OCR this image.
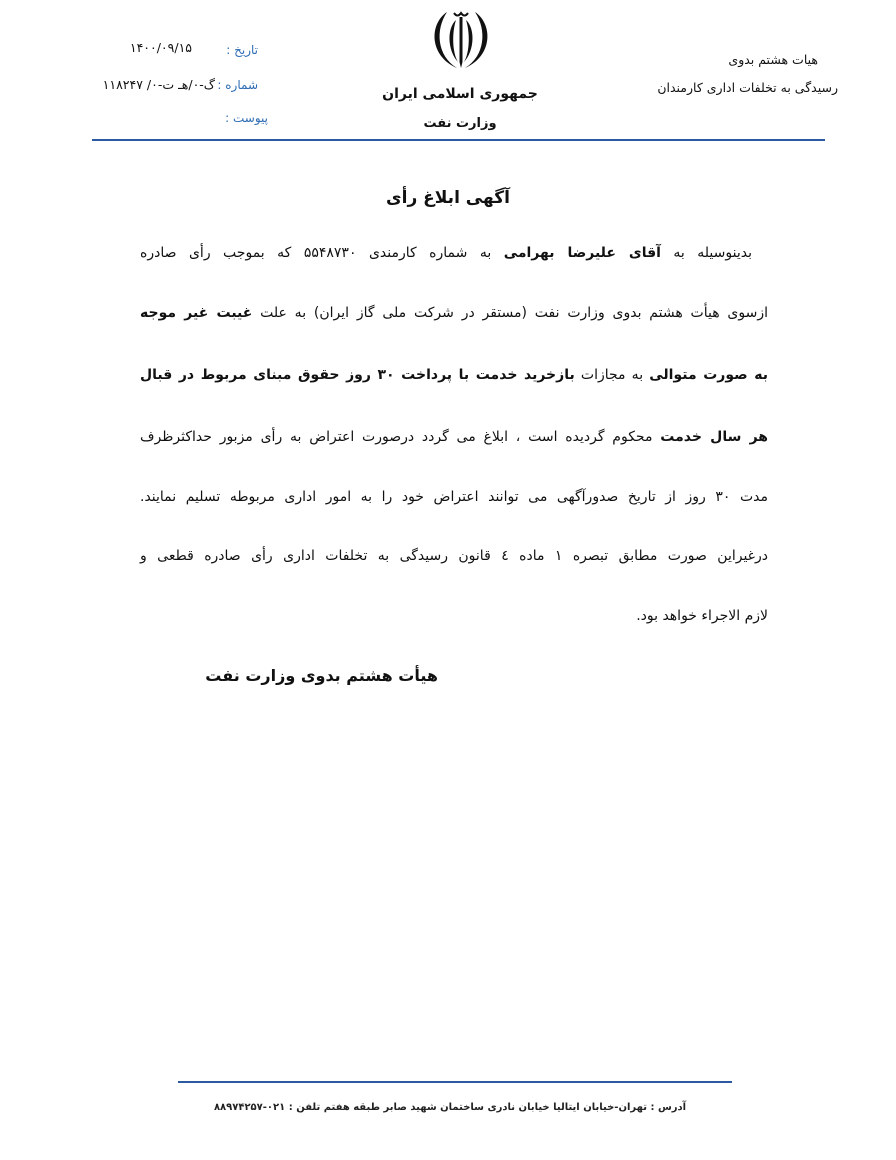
هیات هشتم بدوی
رسیدگی به تخلفات اداری کارمندان
جمهوری اسلامی ایران
وزارت نفت
تاریخ :
۱۴۰۰/۰۹/۱۵
شماره :
گ-۰/هـ ت-۰/ ۱۱۸۲۴۷
پیوست :
آگهی ابلاغ رأی
بدینوسیله به آقای علیرضا بهرامی به شماره کارمندی ۵۵۴۸۷۳۰ که بموجب رأی صادره
ازسوی هیأت هشتم بدوی وزارت نفت (مستقر در شرکت ملی گاز ایران) به علت غیبت غیر موجه
به صورت متوالی به مجازات بازخرید خدمت با پرداخت ۳۰ روز حقوق مبنای مربوط در قبال
هر سال خدمت محکوم گردیده است ، ابلاغ می گردد درصورت اعتراض به رأی مزبور حداکثرظرف
مدت ۳۰ روز از تاریخ صدورآگهی می توانند اعتراض خود را به امور اداری مربوطه تسلیم نمایند.
درغیراین صورت مطابق تبصره ۱ ماده ٤ قانون رسیدگی به تخلفات اداری رأی صادره قطعی و
لازم الاجراء خواهد بود.
هیأت هشتم بدوی وزارت نفت
آدرس : تهران-خیابان ایتالیا خیابان نادری ساختمان شهید صابر طبقه هفتم تلفن : ۰۲۱-۸۸۹۷۴۲۵۷
